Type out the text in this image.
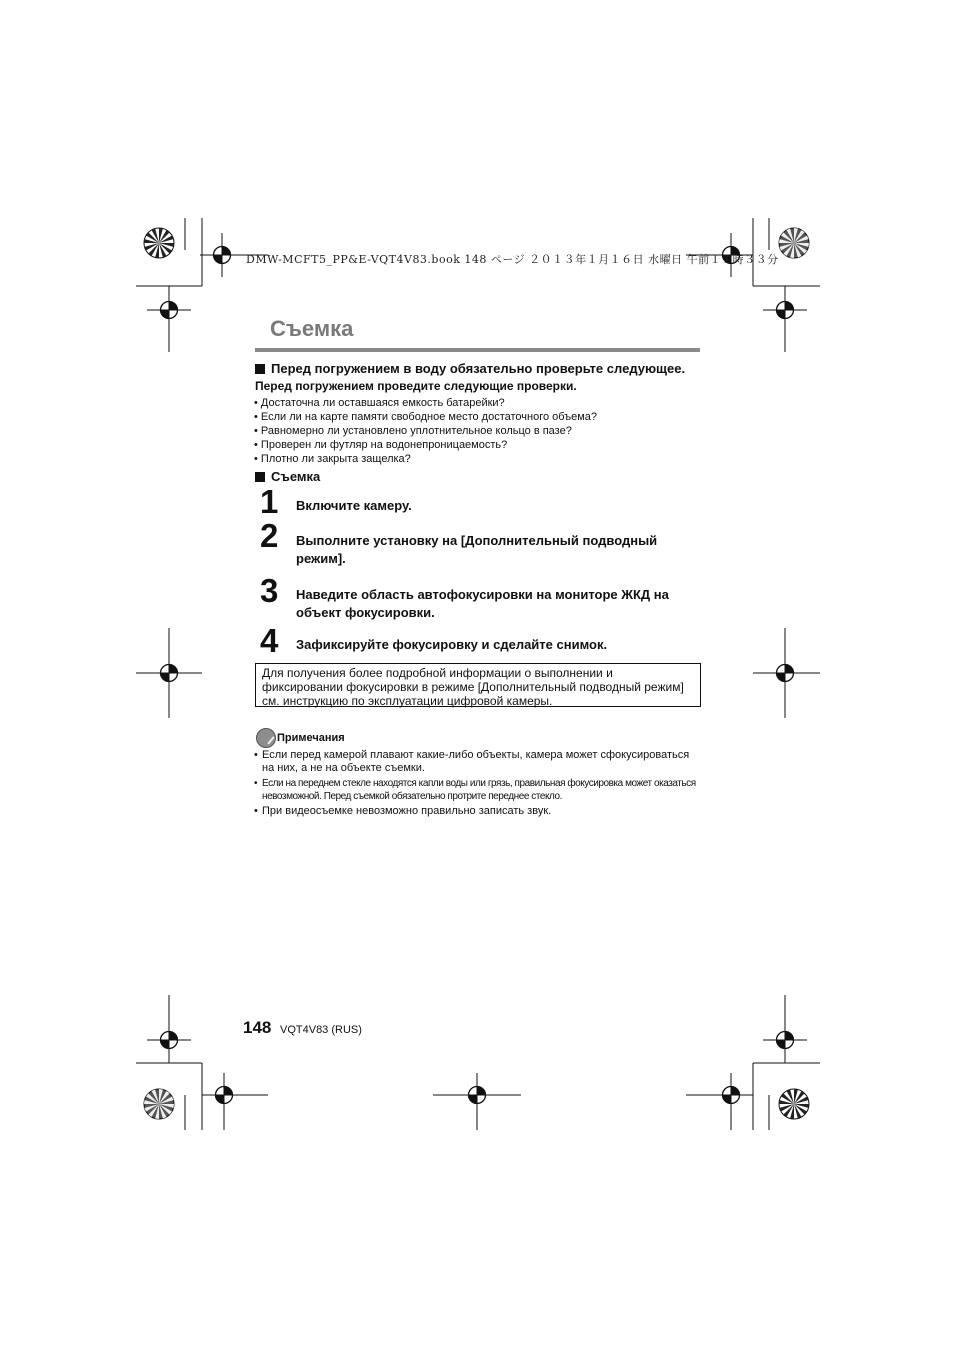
DMW-MCFT5_PP&E-VQT4V83.book 148 ページ ２０１３年１月１６日 水曜日 午前１１時３３分
Съемка
Перед погружением в воду обязательно проверьте следующее.
Перед погружением проведите следующие проверки.
• Достаточна ли оставшаяся емкость батарейки?
• Если ли на карте памяти свободное место достаточного объема?
• Равномерно ли установлено уплотнительное кольцо в пазе?
• Проверен ли футляр на водонепроницаемость?
• Плотно ли закрыта защелка?
Съемка
1 Включите камеру.
2 Выполните установку на [Дополнительный подводный режим].
3 Наведите область автофокусировки на мониторе ЖКД на объект фокусировки.
4 Зафиксируйте фокусировку и сделайте снимок.
Для получения более подробной информации о выполнении и фиксировании фокусировки в режиме [Дополнительный подводный режим] см. инструкцию по эксплуатации цифровой камеры.
Примечания
• Если перед камерой плавают какие-либо объекты, камера может сфокусироваться на них, а не на объекте съемки.
• Если на переднем стекле находятся капли воды или грязь, правильная фокусировка может оказаться невозможной. Перед съемкой обязательно протрите переднее стекло.
• При видеосъемке невозможно правильно записать звук.
148 VQT4V83 (RUS)
